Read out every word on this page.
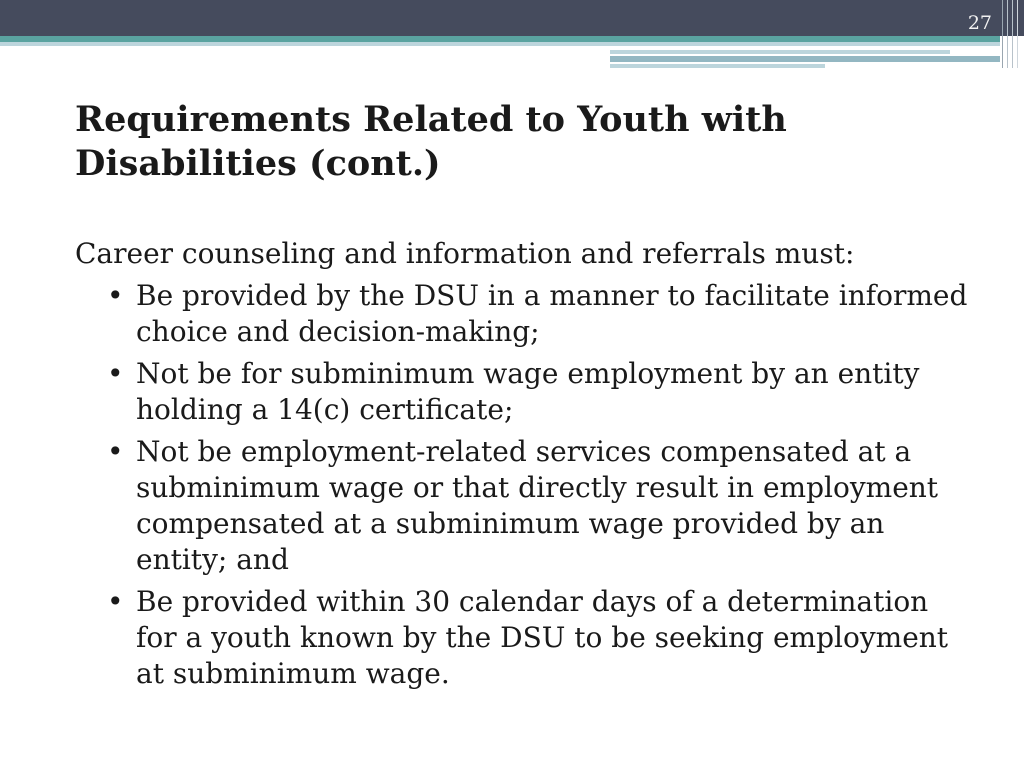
27
Requirements Related to Youth with Disabilities (cont.)

Career counseling and information and referrals must:

• Be provided by the DSU in a manner to facilitate informed choice and decision-making;
• Not be for subminimum wage employment by an entity holding a 14(c) certificate;
• Not be employment-related services compensated at a subminimum wage or that directly result in employment compensated at a subminimum wage provided by an entity; and
• Be provided within 30 calendar days of a determination for a youth known by the DSU to be seeking employment at subminimum wage.
